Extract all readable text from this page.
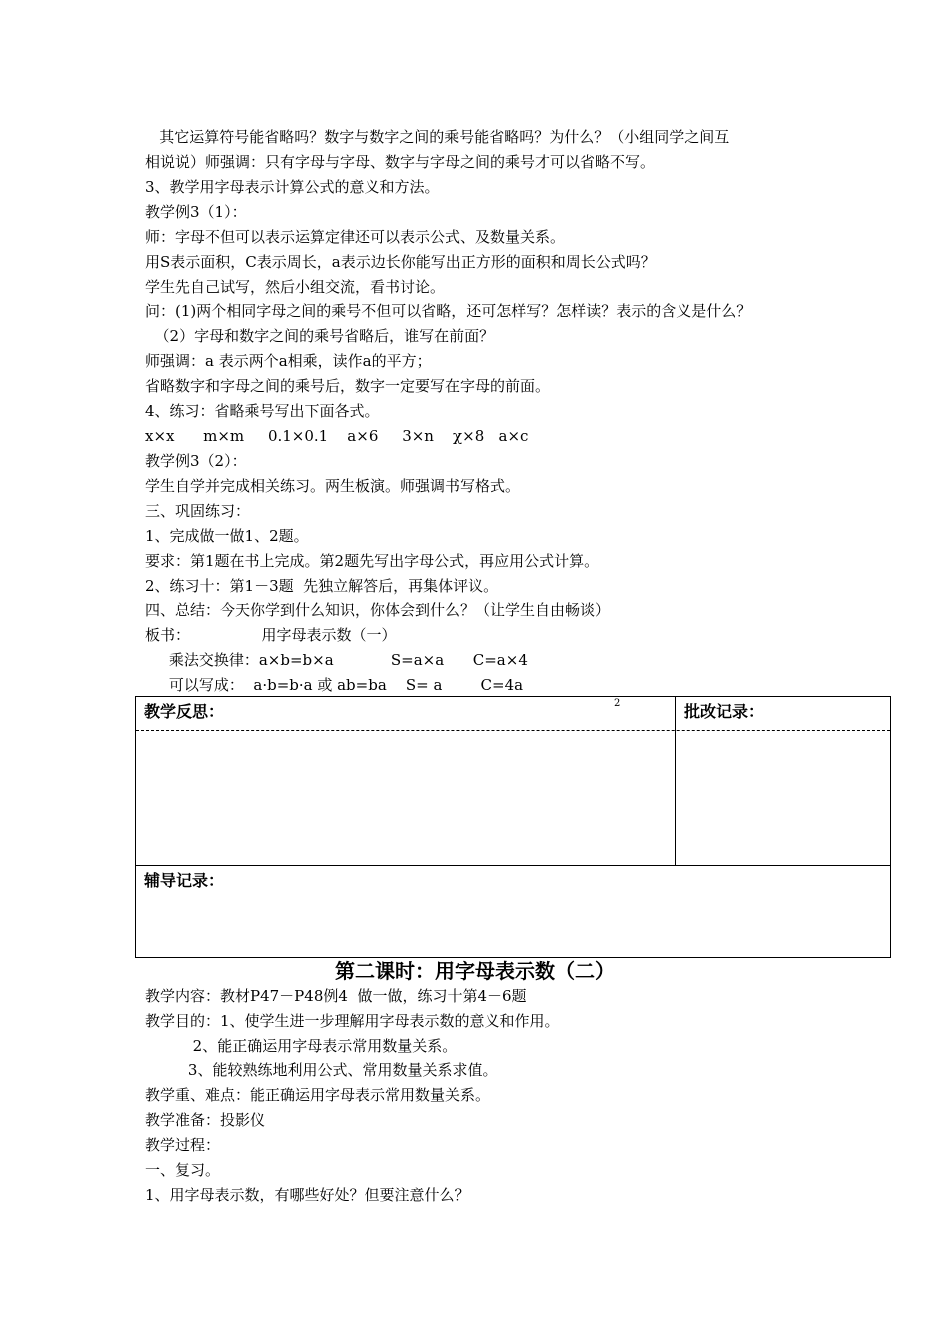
其它运算符号能省略吗？数字与数字之间的乘号能省略吗？为什么？（小组同学之间互

相说说）师强调：只有字母与字母、数字与字母之间的乘号才可以省略不写。

3、教学用字母表示计算公式的意义和方法。

教学例3（1）：

师：字母不但可以表示运算定律还可以表示公式、及数量关系。

用S表示面积，C表示周长，a表示边长你能写出正方形的面积和周长公式吗？

学生先自己试写，然后小组交流，看书讨论。

问：(1)两个相同字母之间的乘号不但可以省略，还可怎样写？怎样读？表示的含义是什么？

（2）字母和数字之间的乘号省略后，谁写在前面？

师强调：a 表示两个a相乘，读作a的平方；

省略数字和字母之间的乘号后，数字一定要写在字母的前面。

4、练习：省略乘号写出下面各式。

x×x      m×m     0.1×0.1    a×6     3×n    χ×8   a×c

教学例3（2）：

学生自学并完成相关练习。两生板演。师强调书写格式。

三、巩固练习：

1、完成做一做1、2题。

要求：第1题在书上完成。第2题先写出字母公式，再应用公式计算。

2、练习十：第1－3题  先独立解答后，再集体评议。

四、总结：今天你学到什么知识，你体会到什么？（让学生自由畅谈）

板书：               用字母表示数（一）

乘法交换律：a×b=b×a            S=a×a      C=a×4

可以写成：  a·b=b·a 或 ab=ba    S= a        C=4a

2
教学反思：	批改记录：
辅导记录：
第二课时：用字母表示数（二）

教学内容：教材P47－P48例4  做一做，练习十第4－6题

教学目的：1、使学生进一步理解用字母表示数的意义和作用。

2、能正确运用字母表示常用数量关系。

3、能较熟练地利用公式、常用数量关系求值。

教学重、难点：能正确运用字母表示常用数量关系。

教学准备：投影仪

教学过程：

一、复习。

1、用字母表示数，有哪些好处？但要注意什么？
